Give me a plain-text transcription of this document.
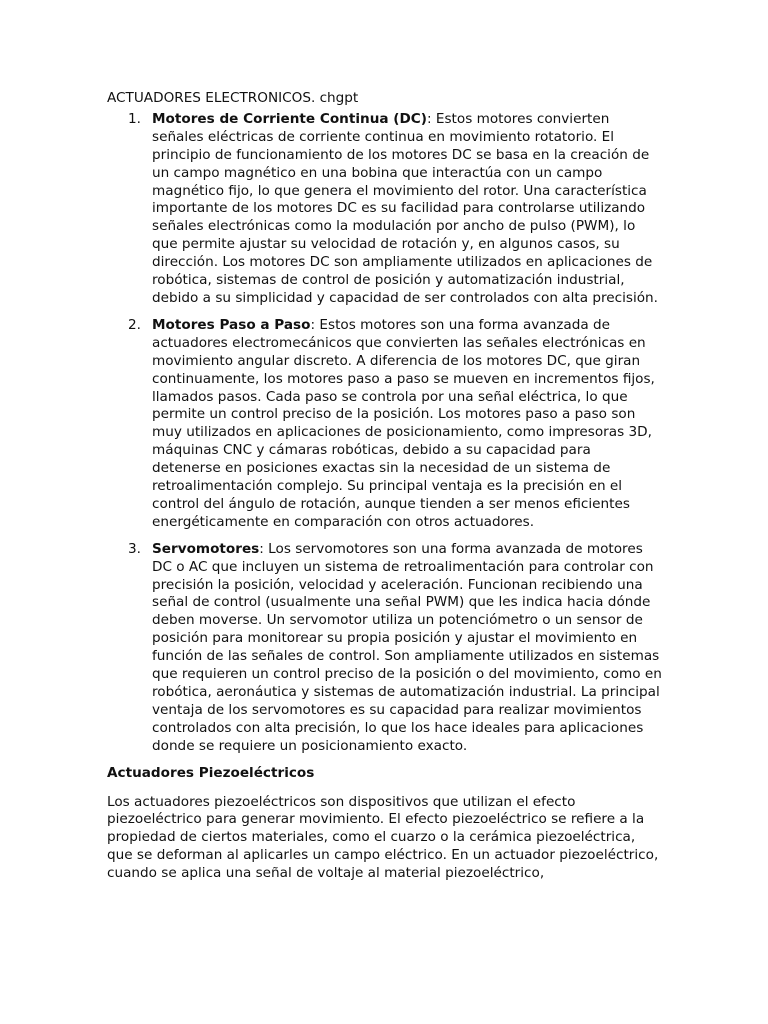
ACTUADORES ELECTRONICOS. chgpt

1. Motores de Corriente Continua (DC): Estos motores convierten señales eléctricas de corriente continua en movimiento rotatorio. El principio de funcionamiento de los motores DC se basa en la creación de un campo magnético en una bobina que interactúa con un campo magnético fijo, lo que genera el movimiento del rotor. Una característica importante de los motores DC es su facilidad para controlarse utilizando señales electrónicas como la modulación por ancho de pulso (PWM), lo que permite ajustar su velocidad de rotación y, en algunos casos, su dirección. Los motores DC son ampliamente utilizados en aplicaciones de robótica, sistemas de control de posición y automatización industrial, debido a su simplicidad y capacidad de ser controlados con alta precisión.
2. Motores Paso a Paso: Estos motores son una forma avanzada de actuadores electromecánicos que convierten las señales electrónicas en movimiento angular discreto. A diferencia de los motores DC, que giran continuamente, los motores paso a paso se mueven en incrementos fijos, llamados pasos. Cada paso se controla por una señal eléctrica, lo que permite un control preciso de la posición. Los motores paso a paso son muy utilizados en aplicaciones de posicionamiento, como impresoras 3D, máquinas CNC y cámaras robóticas, debido a su capacidad para detenerse en posiciones exactas sin la necesidad de un sistema de retroalimentación complejo. Su principal ventaja es la precisión en el control del ángulo de rotación, aunque tienden a ser menos eficientes energéticamente en comparación con otros actuadores.
3. Servomotores: Los servomotores son una forma avanzada de motores DC o AC que incluyen un sistema de retroalimentación para controlar con precisión la posición, velocidad y aceleración. Funcionan recibiendo una señal de control (usualmente una señal PWM) que les indica hacia dónde deben moverse. Un servomotor utiliza un potenciómetro o un sensor de posición para monitorear su propia posición y ajustar el movimiento en función de las señales de control. Son ampliamente utilizados en sistemas que requieren un control preciso de la posición o del movimiento, como en robótica, aeronáutica y sistemas de automatización industrial. La principal ventaja de los servomotores es su capacidad para realizar movimientos controlados con alta precisión, lo que los hace ideales para aplicaciones donde se requiere un posicionamiento exacto.

Actuadores Piezoeléctricos

Los actuadores piezoeléctricos son dispositivos que utilizan el efecto piezoeléctrico para generar movimiento. El efecto piezoeléctrico se refiere a la propiedad de ciertos materiales, como el cuarzo o la cerámica piezoeléctrica, que se deforman al aplicarles un campo eléctrico. En un actuador piezoeléctrico, cuando se aplica una señal de voltaje al material piezoeléctrico,
